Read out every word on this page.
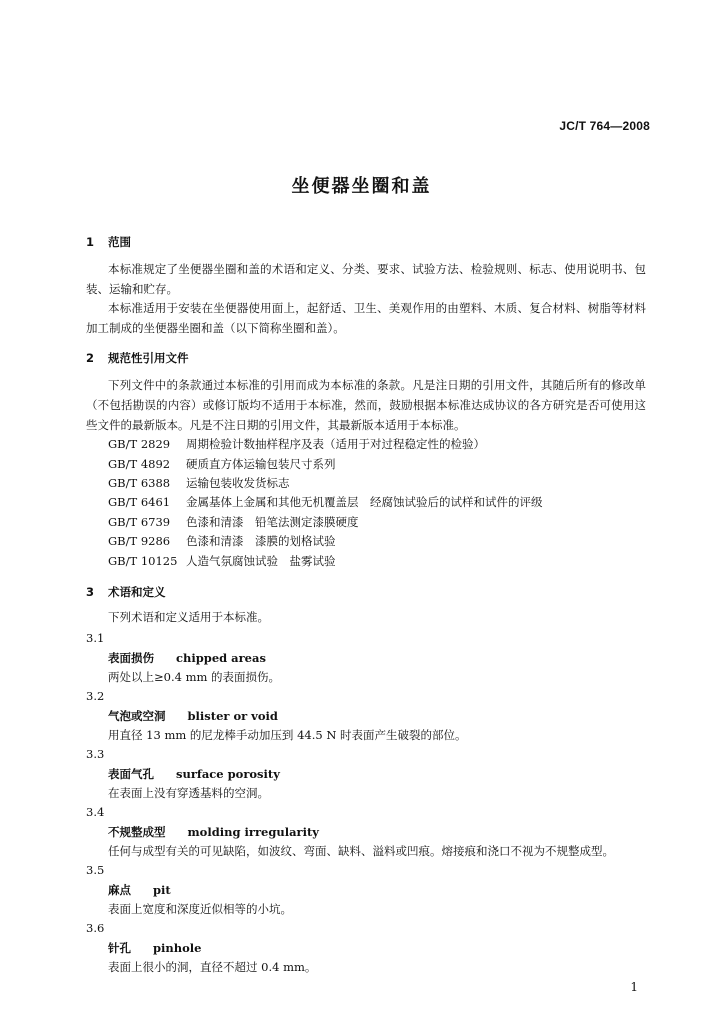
JC/T 764—2008
坐便器坐圈和盖
1 范围
本标准规定了坐便器坐圈和盖的术语和定义、分类、要求、试验方法、检验规则、标志、使用说明书、包装、运输和贮存。
本标准适用于安装在坐便器使用面上，起舒适、卫生、美观作用的由塑料、木质、复合材料、树脂等材料加工制成的坐便器坐圈和盖（以下简称坐圈和盖）。
2 规范性引用文件
下列文件中的条款通过本标准的引用而成为本标准的条款。凡是注日期的引用文件，其随后所有的修改单（不包括勘误的内容）或修订版均不适用于本标准，然而，鼓励根据本标准达成协议的各方研究是否可使用这些文件的最新版本。凡是不注日期的引用文件，其最新版本适用于本标准。
GB/T 2829 周期检验计数抽样程序及表（适用于对过程稳定性的检验）
GB/T 4892 硬质直方体运输包装尺寸系列
GB/T 6388 运输包装收发货标志
GB/T 6461 金属基体上金属和其他无机覆盖层　经腐蚀试验后的试样和试件的评级
GB/T 6739 色漆和清漆　铅笔法测定漆膜硬度
GB/T 9286 色漆和清漆　漆膜的划格试验
GB/T 10125 人造气氛腐蚀试验　盐雾试验
3 术语和定义
下列术语和定义适用于本标准。
3.1
表面损伤 chipped areas
两处以上≥0.4 mm 的表面损伤。
3.2
气泡或空洞 blister or void
用直径 13 mm 的尼龙棒手动加压到 44.5 N 时表面产生破裂的部位。
3.3
表面气孔 surface porosity
在表面上没有穿透基料的空洞。
3.4
不规整成型 molding irregularity
任何与成型有关的可见缺陷，如波纹、弯面、缺料、溢料或凹痕。熔接痕和浇口不视为不规整成型。
3.5
麻点 pit
表面上宽度和深度近似相等的小坑。
3.6
针孔 pinhole
表面上很小的洞，直径不超过 0.4 mm。
1
